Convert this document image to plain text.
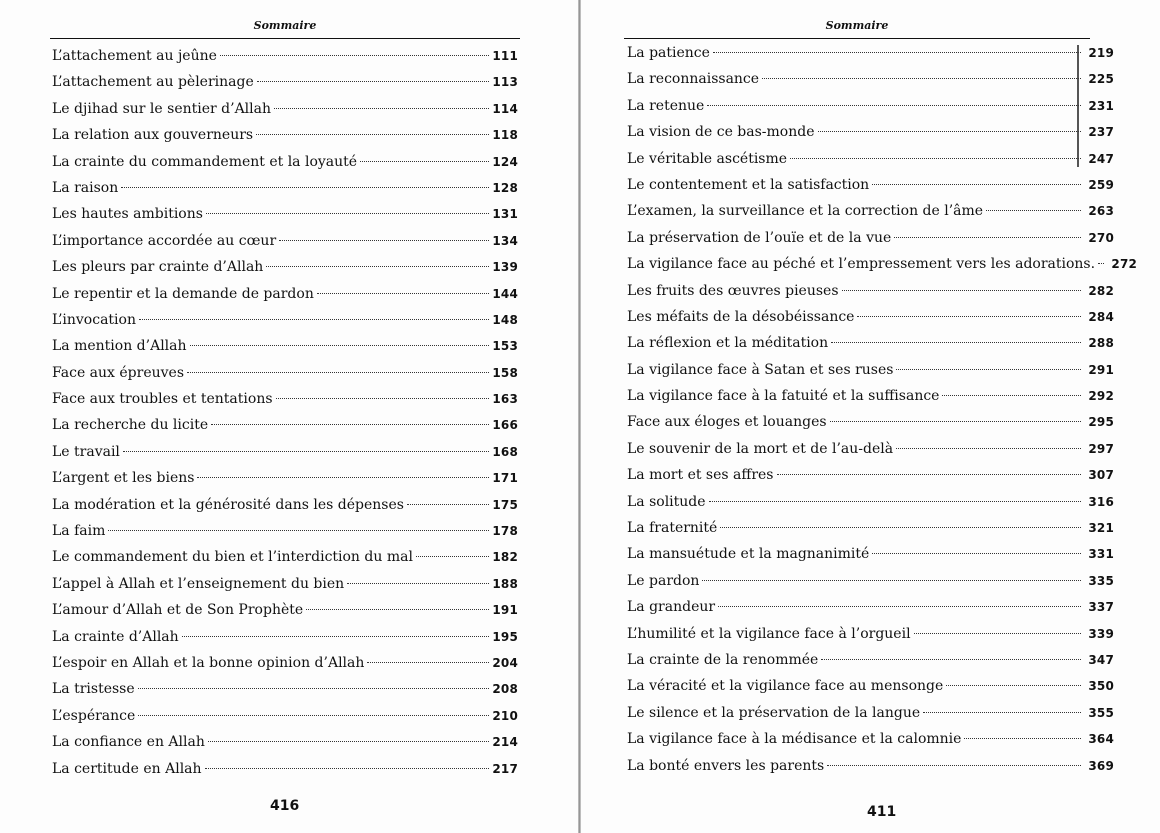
Sommaire
L’attachement au jeûne	111
L’attachement au pèlerinage	113
Le djihad sur le sentier d’Allah	114
La relation aux gouverneurs	118
La crainte du commandement et la loyauté	124
La raison	128
Les hautes ambitions	131
L’importance accordée au cœur	134
Les pleurs par crainte d’Allah	139
Le repentir et la demande de pardon	144
L’invocation	148
La mention d’Allah	153
Face aux épreuves	158
Face aux troubles et tentations	163
La recherche du licite	166
Le travail	168
L’argent et les biens	171
La modération et la générosité dans les dépenses	175
La faim	178
Le commandement du bien et l’interdiction du mal	182
L’appel à Allah et l’enseignement du bien	188
L’amour d’Allah et de Son Prophète	191
La crainte d’Allah	195
L’espoir en Allah et la bonne opinion d’Allah	204
La tristesse	208
L’espérance	210
La confiance en Allah	214
La certitude en Allah	217
416
Sommaire
La patience	219
La reconnaissance	225
La retenue	231
La vision de ce bas-monde	237
Le véritable ascétisme	247
Le contentement et la satisfaction	259
L’examen, la surveillance et la correction de l’âme	263
La préservation de l’ouïe et de la vue	270
La vigilance face au péché et l’empressement vers les adorations.	272
Les fruits des œuvres pieuses	282
Les méfaits de la désobéissance	284
La réflexion et la méditation	288
La vigilance face à Satan et ses ruses	291
La vigilance face à la fatuité et la suffisance	292
Face aux éloges et louanges	295
Le souvenir de la mort et de l’au-delà	297
La mort et ses affres	307
La solitude	316
La fraternité	321
La mansuétude et la magnanimité	331
Le pardon	335
La grandeur	337
L’humilité et la vigilance face à l’orgueil	339
La crainte de la renommée	347
La véracité et la vigilance face au mensonge	350
Le silence et la préservation de la langue	355
La vigilance face à la médisance et la calomnie	364
La bonté envers les parents	369
411
